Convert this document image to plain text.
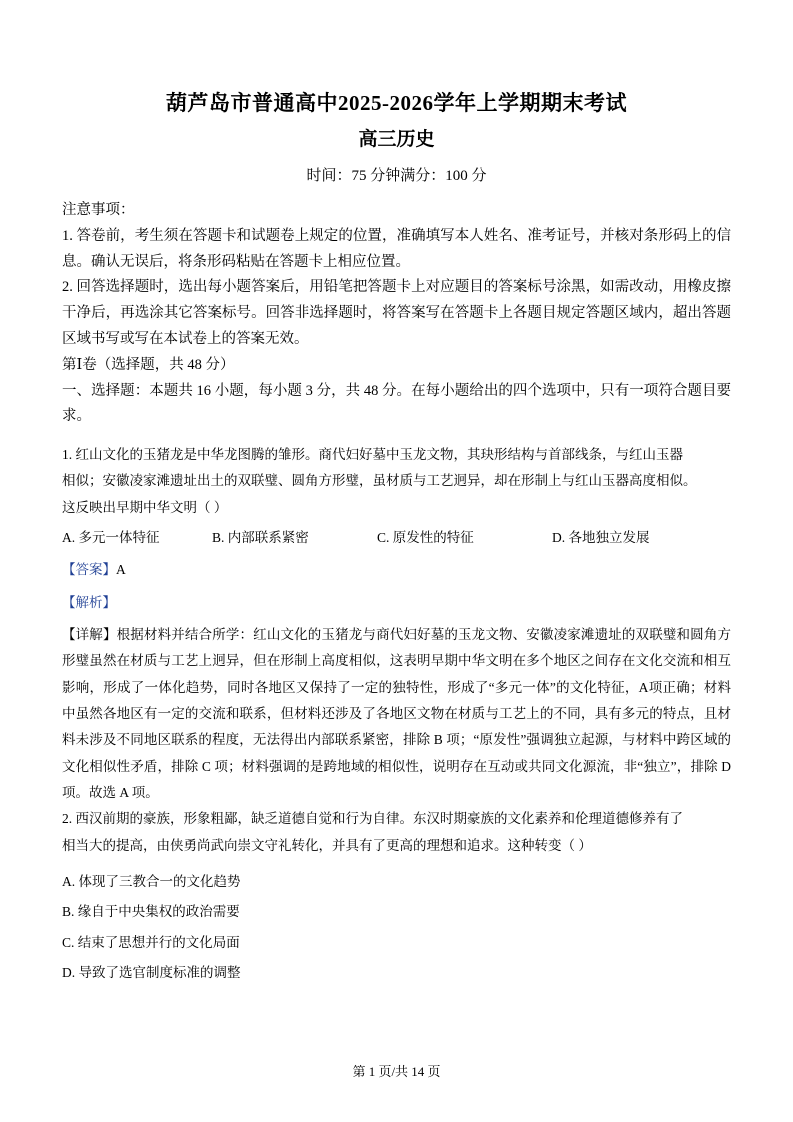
葫芦岛市普通高中2025-2026学年上学期期末考试
高三历史
时间：75 分钟满分：100 分

注意事项：

1. 答卷前，考生须在答题卡和试题卷上规定的位置，准确填写本人姓名、准考证号，并核对条形码上的信息。确认无误后，将条形码粘贴在答题卡上相应位置。

2. 回答选择题时，选出每小题答案后，用铅笔把答题卡上对应题目的答案标号涂黑，如需改动，用橡皮擦干净后，再选涂其它答案标号。回答非选择题时，将答案写在答题卡上各题目规定答题区域内，超出答题区域书写或写在本试卷上的答案无效。

第Ⅰ卷（选择题，共 48 分）

一、选择题：本题共 16 小题，每小题 3 分，共 48 分。在每小题给出的四个选项中，只有一项符合题目要求。

1. 红山文化的玉猪龙是中华龙图腾的雏形。商代妇好墓中玉龙文物，其玦形结构与首部线条，与红山玉器

相似；安徽凌家滩遗址出土的双联璧、圆角方形璧，虽材质与工艺迥异，却在形制上与红山玉器高度相似。

这反映出早期中华文明（ ）

A. 多元一体特征	B. 内部联系紧密	C. 原发性的特征	D. 各地独立发展

【答案】A

【解析】

【详解】根据材料并结合所学：红山文化的玉猪龙与商代妇好墓的玉龙文物、安徽凌家滩遗址的双联璧和圆角方形璧虽然在材质与工艺上迥异，但在形制上高度相似，这表明早期中华文明在多个地区之间存在文化交流和相互影响，形成了一体化趋势，同时各地区又保持了一定的独特性，形成了“多元一体”的文化特征，A项正确；材料中虽然各地区有一定的交流和联系，但材料还涉及了各地区文物在材质与工艺上的不同，具有多元的特点，且材料未涉及不同地区联系的程度，无法得出内部联系紧密，排除 B 项；“原发性”强调独立起源，与材料中跨区域的文化相似性矛盾，排除 C 项；材料强调的是跨地域的相似性，说明存在互动或共同文化源流，非“独立”，排除 D 项。故选 A 项。

2. 西汉前期的豪族，形象粗鄙，缺乏道德自觉和行为自律。东汉时期豪族的文化素养和伦理道德修养有了

相当大的提高，由侠勇尚武向崇文守礼转化，并具有了更高的理想和追求。这种转变（ ）

A. 体现了三教合一的文化趋势

B. 缘自于中央集权的政治需要

C. 结束了思想并行的文化局面

D. 导致了选官制度标准的调整

第 1 页/共 14 页
